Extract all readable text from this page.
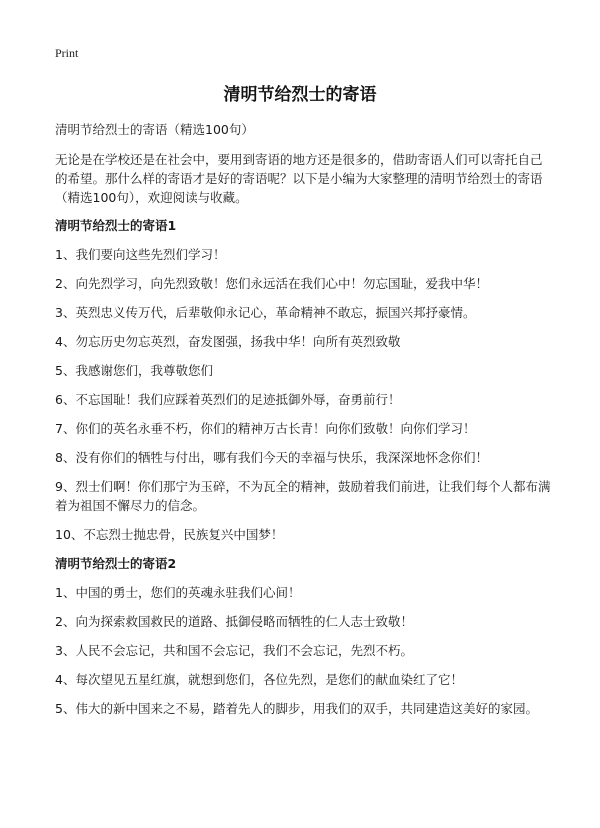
Print
清明节给烈士的寄语

清明节给烈士的寄语（精选100句）

无论是在学校还是在社会中，要用到寄语的地方还是很多的，借助寄语人们可以寄托自己的希望。那什么样的寄语才是好的寄语呢？以下是小编为大家整理的清明节给烈士的寄语（精选100句），欢迎阅读与收藏。

清明节给烈士的寄语1

1、我们要向这些先烈们学习！

2、向先烈学习，向先烈致敬！您们永远活在我们心中！勿忘国耻，爱我中华！

3、英烈忠义传万代，后辈敬仰永记心，革命精神不敢忘，振国兴邦抒豪情。

4、勿忘历史勿忘英烈，奋发图强，扬我中华！向所有英烈致敬

5、我感谢您们，我尊敬您们

6、不忘国耻！我们应踩着英烈们的足迹抵御外辱，奋勇前行！

7、你们的英名永垂不朽，你们的精神万古长青！向你们致敬！向你们学习！

8、没有你们的牺牲与付出，哪有我们今天的幸福与快乐，我深深地怀念你们！

9、烈士们啊！你们那宁为玉碎，不为瓦全的精神，鼓励着我们前进，让我们每个人都布满着为祖国不懈尽力的信念。

10、不忘烈士抛忠骨，民族复兴中国梦！

清明节给烈士的寄语2

1、中国的勇士，您们的英魂永驻我们心间！

2、向为探索救国救民的道路、抵御侵略而牺牲的仁人志士致敬！

3、人民不会忘记，共和国不会忘记，我们不会忘记，先烈不朽。

4、每次望见五星红旗，就想到您们，各位先烈，是您们的献血染红了它！

5、伟大的新中国来之不易，踏着先人的脚步，用我们的双手，共同建造这美好的家园。
